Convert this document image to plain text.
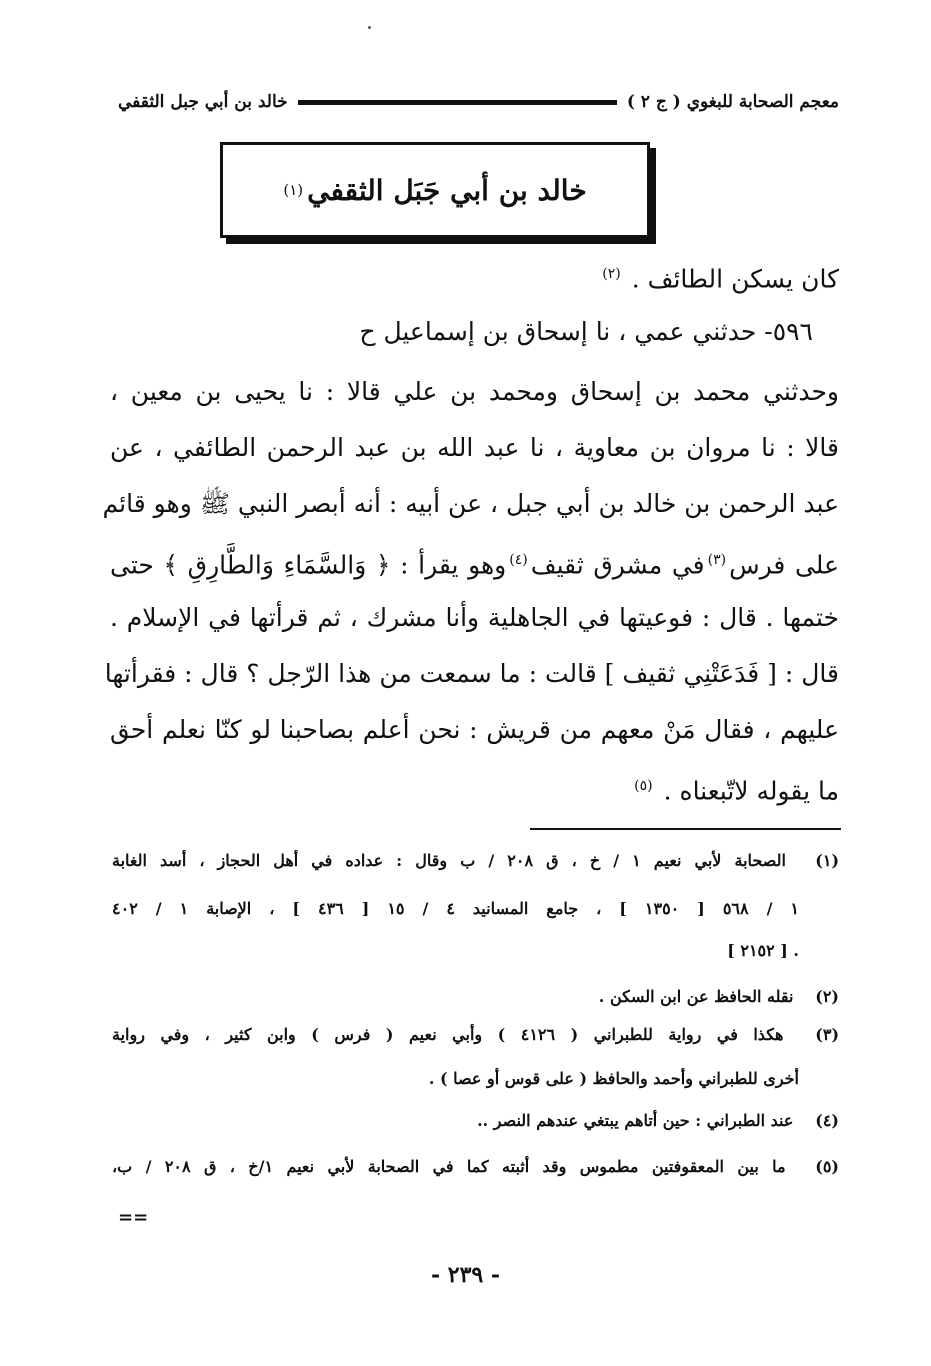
معجم الصحابة للبغوي ( ج ٢ )
خالد بن أبي جبل الثقفي
خالد بن أبي جَبَل الثقفي
(١)
كان يسكن الطائف . $^{(٢)}$
٥٩٦- حدثني عمي ، نا إسحاق بن إسماعيل ح
وحدثني محمد بن إسحاق ومحمد بن علي قالا : نا يحيى بن معين ،
قالا : نا مروان بن معاوية ، نا عبد الله بن عبد الرحمن الطائفي ، عن
عبد الرحمن بن خالد بن أبي جبل ، عن أبيه : أنه أبصر النبي ﷺ وهو قائم
على فرس$^{(٣)}$في مشرق ثقيف$^{(٤)}$وهو يقرأ : ﴿ وَالسَّمَاءِ وَالطَّارِقِ ﴾ حتى
ختمها . قال : فوعيتها في الجاهلية وأنا مشرك ، ثم قرأتها في الإسلام .
قال : [ فَدَعَتْنِي ثقيف ] قالت : ما سمعت من هذا الرّجل ؟ قال : فقرأتها
عليهم ، فقال مَنْ معهم من قريش : نحن أعلم بصاحبنا لو كنّا نعلم أحق
ما يقوله لاتّبعناه . $^{(٥)}$
(١) الصحابة لأبي نعيم ١ / خ ، ق ٢٠٨ / ب وقال : عداده في أهل الحجاز ، أسد الغابة
١ / ٥٦٨ [ ١٣٥٠ ] ، جامع المسانيد ٤ / ١٥ [ ٤٣٦ ] ، الإصابة ١ / ٤٠٢
. [ ٢١٥٢ ]
(٢) نقله الحافظ عن ابن السكن .
(٣) هكذا في رواية للطبراني ( ٤١٢٦ ) وأبي نعيم ( فرس ) وابن كثير ، وفي رواية
أخرى للطبراني وأحمد والحافظ ( على قوس أو عصا ) .
(٤) عند الطبراني : حين أتاهم يبتغي عندهم النصر ..
(٥) ما بين المعقوفتين مطموس وقد أثبته كما في الصحابة لأبي نعيم ١/خ ، ق ٢٠٨ / ب،
==
- ٢٣٩ -
